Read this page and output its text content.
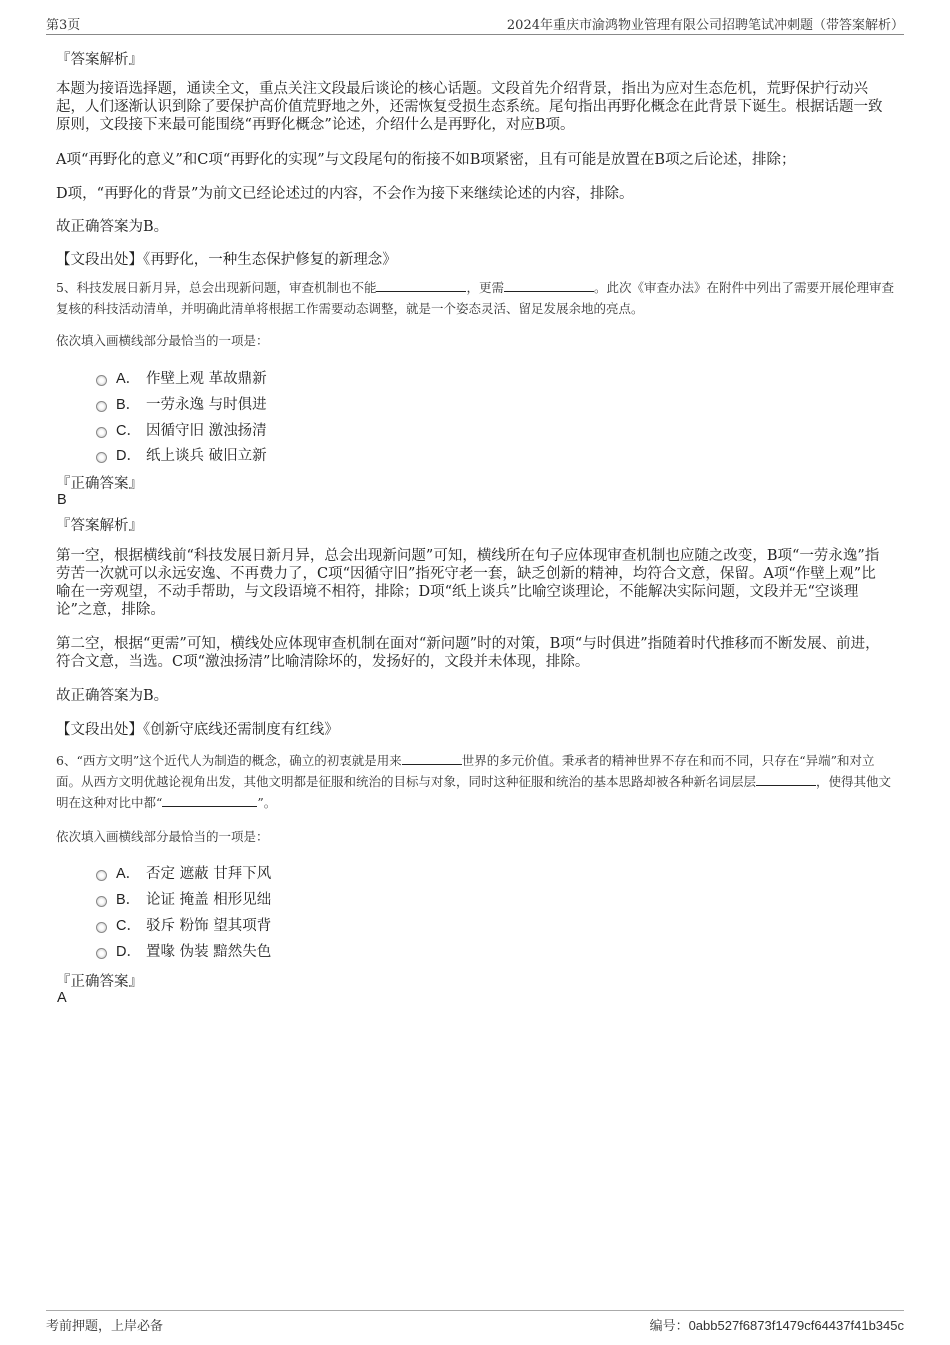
第3页	2024年重庆市渝鸿物业管理有限公司招聘笔试冲刺题（带答案解析）
『答案解析』

本题为接语选择题，通读全文，重点关注文段最后谈论的核心话题。文段首先介绍背景，指出为应对生态危机，荒野保护行动兴起，人们逐渐认识到除了要保护高价值荒野地之外，还需恢复受损生态系统。尾句指出再野化概念在此背景下诞生。根据话题一致原则，文段接下来最可能围绕“再野化概念”论述，介绍什么是再野化，对应B项。

A项“再野化的意义”和C项“再野化的实现”与文段尾句的衔接不如B项紧密，且有可能是放置在B项之后论述，排除；

D项，“再野化的背景”为前文已经论述过的内容，不会作为接下来继续论述的内容，排除。

故正确答案为B。

【文段出处】《再野化，一种生态保护修复的新理念》

5、科技发展日新月异，总会出现新问题，审查机制也不能	，更需	。此次《审查办法》在附件中列出了需要开展伦理审查复核的科技活动清单，并明确此清单将根据工作需要动态调整，就是一个姿态灵活、留足发展余地的亮点。

依次填入画横线部分最恰当的一项是：

A． 作壁上观 革故鼎新
B． 一劳永逸 与时俱进
C． 因循守旧 激浊扬清
D． 纸上谈兵 破旧立新
『正确答案』
B
『答案解析』

第一空，根据横线前“科技发展日新月异，总会出现新问题”可知，横线所在句子应体现审查机制也应随之改变，B项“一劳永逸”指劳苦一次就可以永远安逸、不再费力了，C项“因循守旧”指死守老一套，缺乏创新的精神，均符合文意，保留。A项“作壁上观”比喻在一旁观望，不动手帮助，与文段语境不相符，排除；D项“纸上谈兵”比喻空谈理论，不能解决实际问题，文段并无“空谈理论”之意，排除。

第二空，根据“更需”可知，横线处应体现审查机制在面对“新问题”时的对策，B项“与时俱进”指随着时代推移而不断发展、前进，符合文意，当选。C项“激浊扬清”比喻清除坏的，发扬好的，文段并未体现，排除。

故正确答案为B。

【文段出处】《创新守底线还需制度有红线》

6、“西方文明”这个近代人为制造的概念，确立的初衷就是用来	世界的多元价值。秉承者的精神世界不存在和而不同，只存在“异端”和对立面。从西方文明优越论视角出发，其他文明都是征服和统治的目标与对象，同时这种征服和统治的基本思路却被各种新名词层层	，使得其他文明在这种对比中都“	”。

依次填入画横线部分最恰当的一项是：

A． 否定 遮蔽 甘拜下风
B． 论证 掩盖 相形见绌
C． 驳斥 粉饰 望其项背
D． 置喙 伪装 黯然失色
『正确答案』
A
考前押题，上岸必备	编号：0abb527f6873f1479cf64437f41b345c
